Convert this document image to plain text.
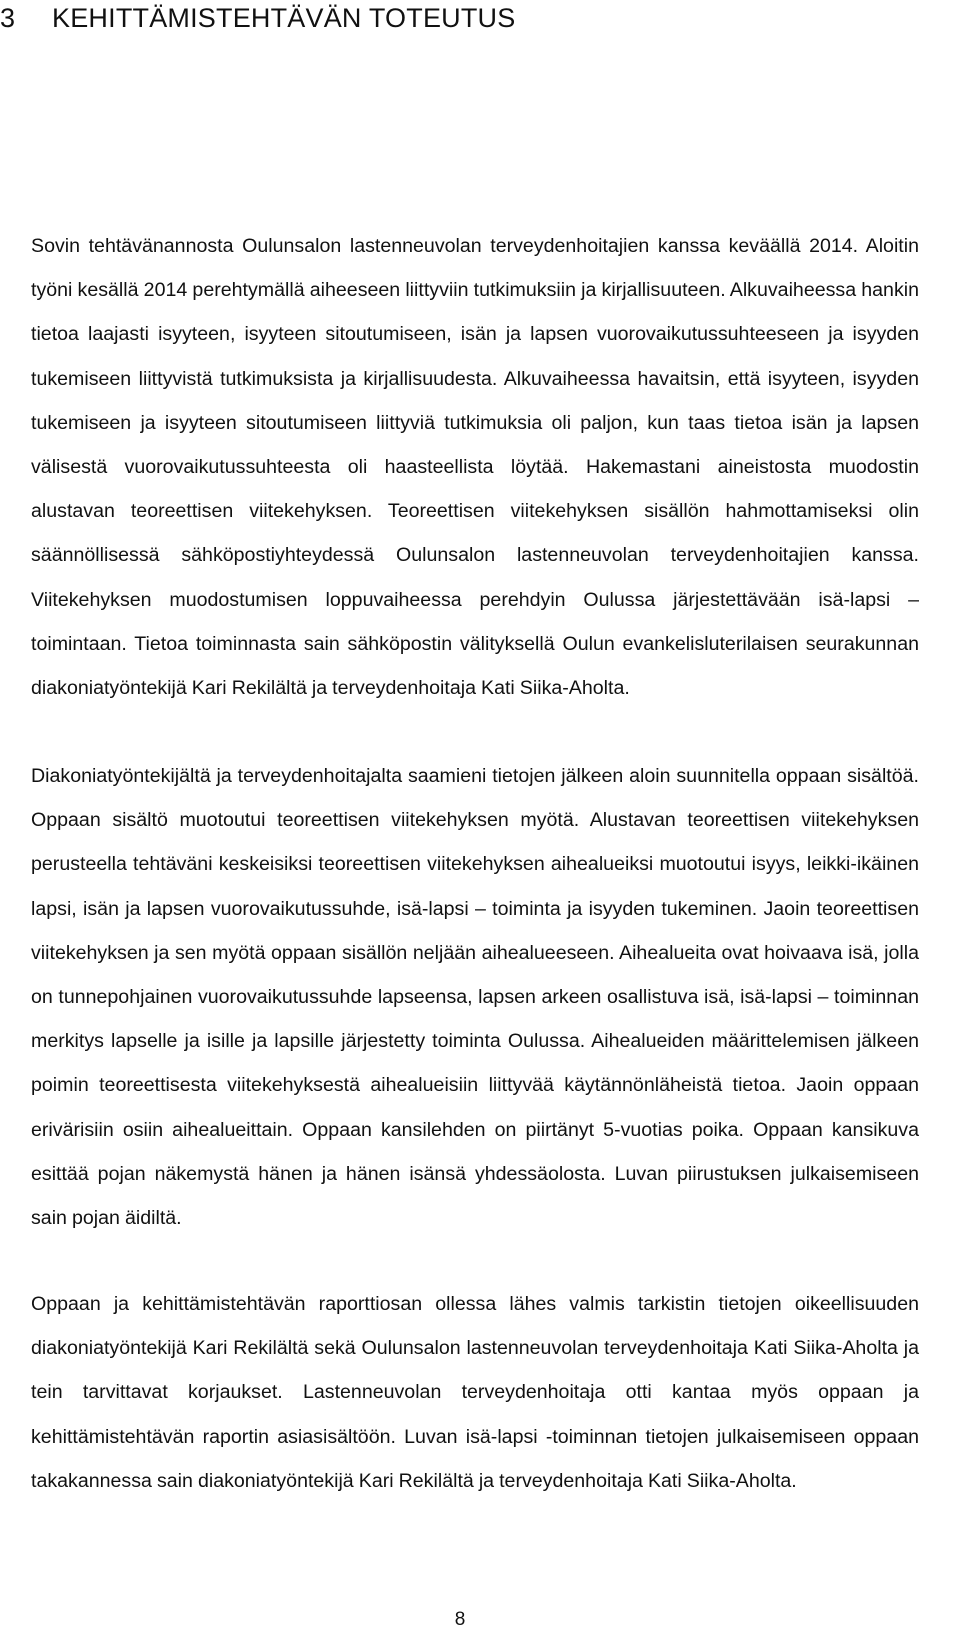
3 KEHITTÄMISTEHTÄVÄN TOTEUTUS

Sovin tehtävänannosta Oulunsalon lastenneuvolan terveydenhoitajien kanssa keväällä 2014. Aloitin työni kesällä 2014 perehtymällä aiheeseen liittyviin tutkimuksiin ja kirjallisuuteen. Alkuvaiheessa hankin tietoa laajasti isyyteen, isyyteen sitoutumiseen, isän ja lapsen vuorovaikutussuhteeseen ja isyyden tukemiseen liittyvistä tutkimuksista ja kirjallisuudesta. Alkuvaiheessa havaitsin, että isyyteen, isyyden tukemiseen ja isyyteen sitoutumiseen liittyviä tutkimuksia oli paljon, kun taas tietoa isän ja lapsen välisestä vuorovaikutussuhteesta oli haasteellista löytää. Hakemastani aineistosta muodostin alustavan teoreettisen viitekehyksen. Teoreettisen viitekehyksen sisällön hahmottamiseksi olin säännöllisessä sähköpostiyhteydessä Oulunsalon lastenneuvolan terveydenhoitajien kanssa. Viitekehyksen muodostumisen loppuvaiheessa perehdyin Oulussa järjestettävään isä-lapsi – toimintaan. Tietoa toiminnasta sain sähköpostin välityksellä Oulun evankelisluterilaisen seurakunnan diakoniatyöntekijä Kari Rekilältä ja terveydenhoitaja Kati Siika-Aholta.

Diakoniatyöntekijältä ja terveydenhoitajalta saamieni tietojen jälkeen aloin suunnitella oppaan sisältöä. Oppaan sisältö muotoutui teoreettisen viitekehyksen myötä. Alustavan teoreettisen viitekehyksen perusteella tehtäväni keskeisiksi teoreettisen viitekehyksen aihealueiksi muotoutui isyys, leikki-ikäinen lapsi, isän ja lapsen vuorovaikutussuhde, isä-lapsi – toiminta ja isyyden tukeminen. Jaoin teoreettisen viitekehyksen ja sen myötä oppaan sisällön neljään aihealueeseen. Aihealueita ovat hoivaava isä, jolla on tunnepohjainen vuorovaikutussuhde lapseensa, lapsen arkeen osallistuva isä, isä-lapsi – toiminnan merkitys lapselle ja isille ja lapsille järjestetty toiminta Oulussa. Aihealueiden määrittelemisen jälkeen poimin teoreettisesta viitekehyksestä aihealueisiin liittyvää käytännönläheistä tietoa. Jaoin oppaan erivärisiin osiin aihealueittain. Oppaan kansilehden on piirtänyt 5-vuotias poika. Oppaan kansikuva esittää pojan näkemystä hänen ja hänen isänsä yhdessäolosta. Luvan piirustuksen julkaisemiseen sain pojan äidiltä.

Oppaan ja kehittämistehtävän raporttiosan ollessa lähes valmis tarkistin tietojen oikeellisuuden diakoniatyöntekijä Kari Rekilältä sekä Oulunsalon lastenneuvolan terveydenhoitaja Kati Siika-Aholta ja tein tarvittavat korjaukset. Lastenneuvolan terveydenhoitaja otti kantaa myös oppaan ja kehittämistehtävän raportin asiasisältöön. Luvan isä-lapsi -toiminnan tietojen julkaisemiseen oppaan takakannessa sain diakoniatyöntekijä Kari Rekilältä ja terveydenhoitaja Kati Siika-Aholta.

8
